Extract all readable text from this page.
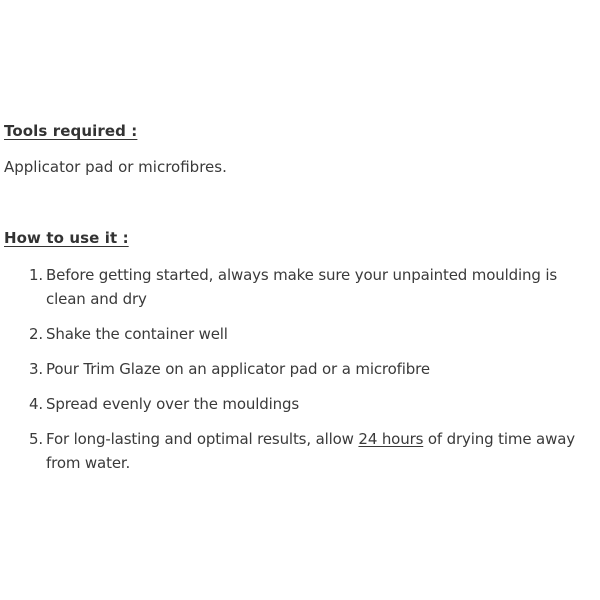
Tools required :

Applicator pad or microfibres.

How to use it :
1. Before getting started, always make sure your unpainted moulding is clean and dry
2. Shake the container well
3. Pour Trim Glaze on an applicator pad or a microfibre
4. Spread evenly over the mouldings
5. For long-lasting and optimal results, allow 24 hours of drying time away from water.
